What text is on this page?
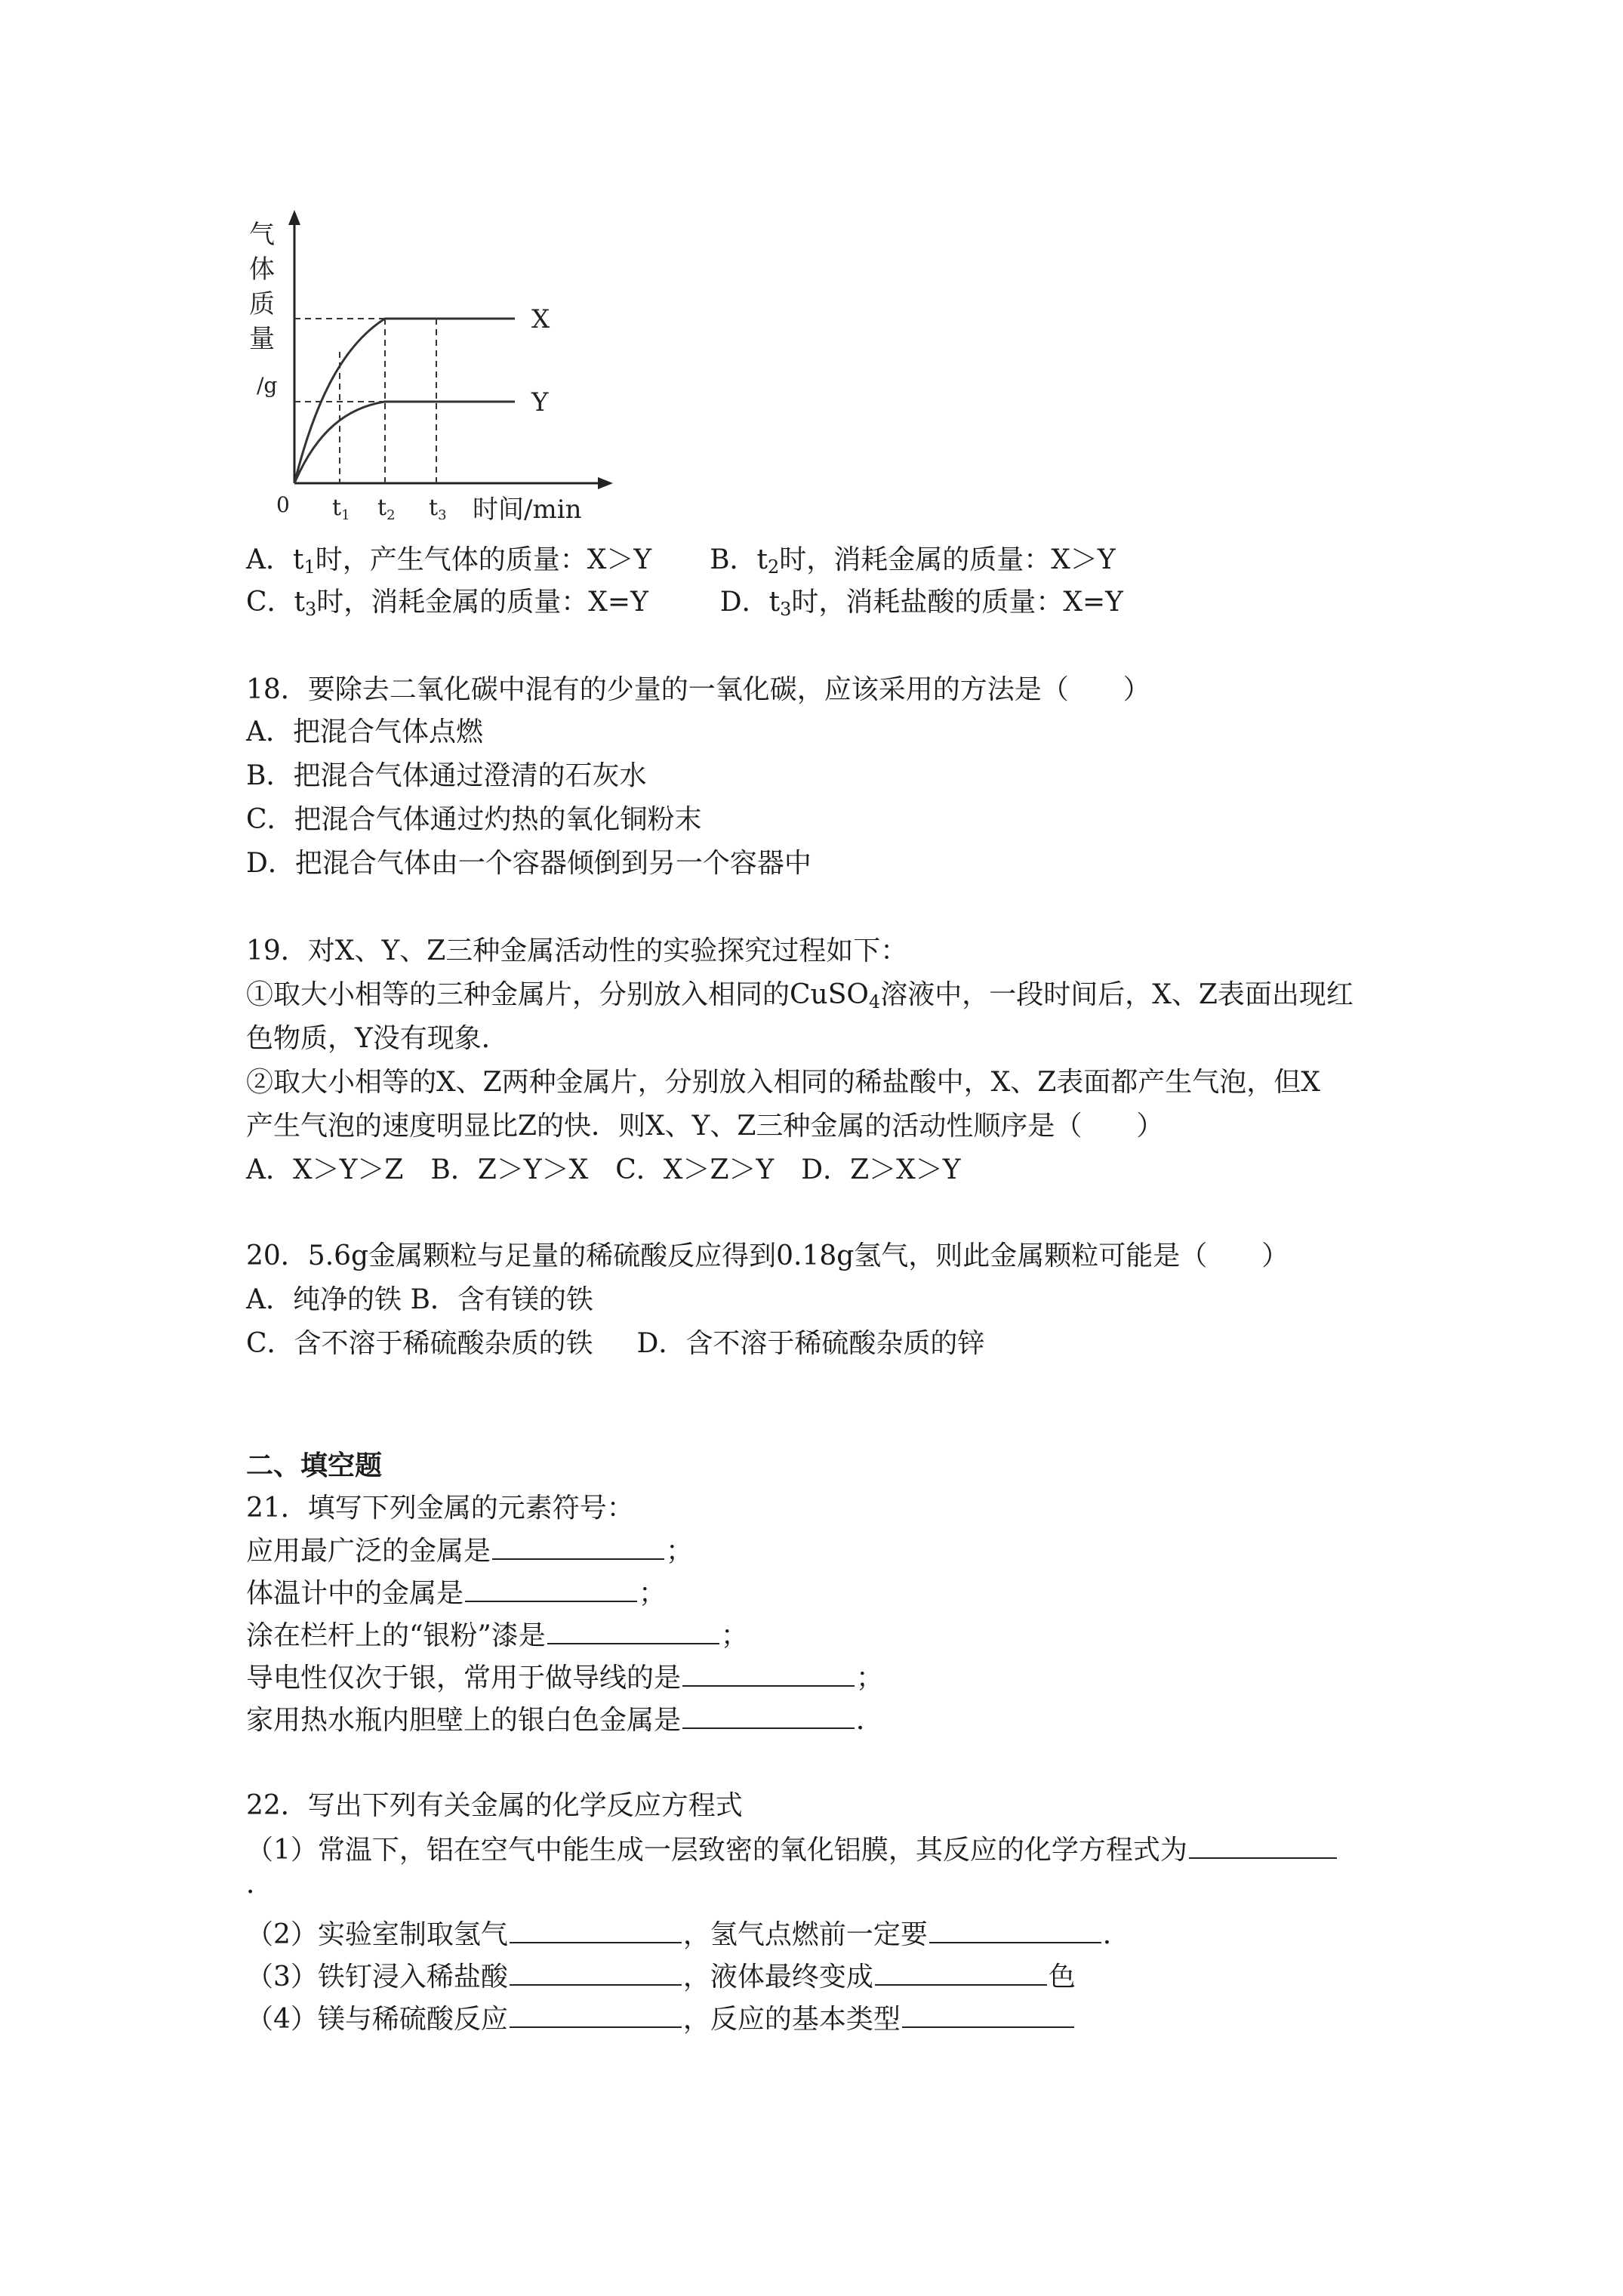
气
体
质
量
/g
X
Y
0 $t_1$ $t_2$ $t_3$ 时间/min
A．$t_1$时，产生气体的质量：X＞Y B．$t_2$时，消耗金属的质量：X＞Y
C．$t_3$时，消耗金属的质量：X=Y	D．$t_3$时，消耗盐酸的质量：X=Y
18．要除去二氧化碳中混有的少量的一氧化碳，应该采用的方法是（　　）
A．把混合气体点燃
B．把混合气体通过澄清的石灰水
C．把混合气体通过灼热的氧化铜粉末
D．把混合气体由一个容器倾倒到另一个容器中
19．对X、Y、Z三种金属活动性的实验探究过程如下：
①取大小相等的三种金属片，分别放入相同的CuSO$_4$溶液中，一段时间后，X、Z表面出现红
色物质，Y没有现象．
②取大小相等的X、Z两种金属片，分别放入相同的稀盐酸中，X、Z表面都产生气泡，但X
产生气泡的速度明显比Z的快．则X、Y、Z三种金属的活动性顺序是（　　）
A．X＞Y＞Z　B．Z＞Y＞X　C．X＞Z＞Y　D．Z＞X＞Y
20．5.6g金属颗粒与足量的稀硫酸反应得到0.18g氢气，则此金属颗粒可能是（　　）
A．纯净的铁 B．含有镁的铁
C．含不溶于稀硫酸杂质的铁 D．含不溶于稀硫酸杂质的锌
二、填空题
21．填写下列金属的元素符号：
应用最广泛的金属是	；
体温计中的金属是	；
涂在栏杆上的“银粉”漆是	；
导电性仅次于银，常用于做导线的是	；
家用热水瓶内胆壁上的银白色金属是	．
22．写出下列有关金属的化学反应方程式
（1）常温下，铝在空气中能生成一层致密的氧化铝膜，其反应的化学方程式为
．
（2）实验室制取氢气	，氢气点燃前一定要	．
（3）铁钉浸入稀盐酸	，液体最终变成	色
（4）镁与稀硫酸反应	，反应的基本类型
